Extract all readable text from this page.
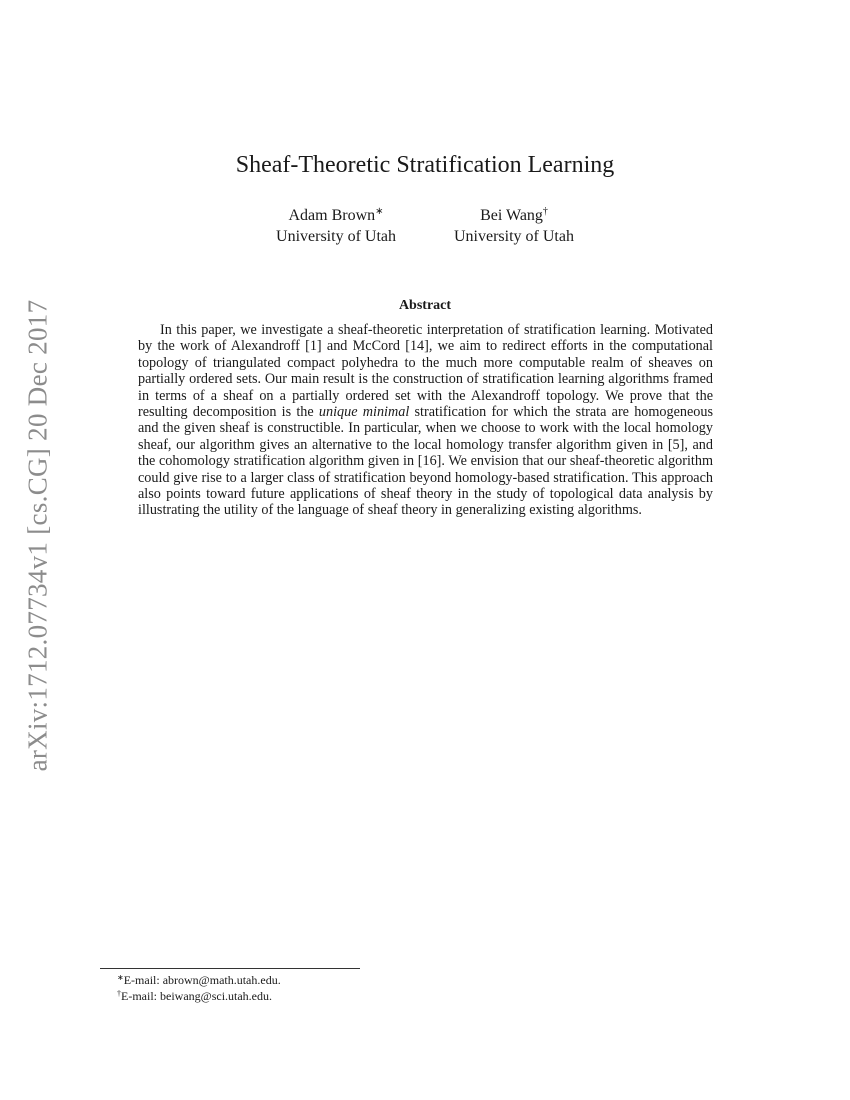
arXiv:1712.07734v1 [cs.CG] 20 Dec 2017
Sheaf-Theoretic Stratification Learning
Adam Brown∗
University of Utah
Bei Wang†
University of Utah
Abstract

In this paper, we investigate a sheaf-theoretic interpretation of stratification learning. Motivated by the work of Alexandroff [1] and McCord [14], we aim to redirect efforts in the computational topology of triangulated compact polyhedra to the much more computable realm of sheaves on partially ordered sets. Our main result is the construction of stratification learning algorithms framed in terms of a sheaf on a partially ordered set with the Alexandroff topology. We prove that the resulting decomposition is the unique minimal stratification for which the strata are homogeneous and the given sheaf is constructible. In particular, when we choose to work with the local homology sheaf, our algorithm gives an alternative to the local homology transfer algorithm given in [5], and the cohomology stratification algorithm given in [16]. We envision that our sheaf-theoretic algorithm could give rise to a larger class of stratification beyond homology-based stratification. This approach also points toward future applications of sheaf theory in the study of topological data analysis by illustrating the utility of the language of sheaf theory in generalizing existing algorithms.

∗E-mail: abrown@math.utah.edu.
†E-mail: beiwang@sci.utah.edu.
